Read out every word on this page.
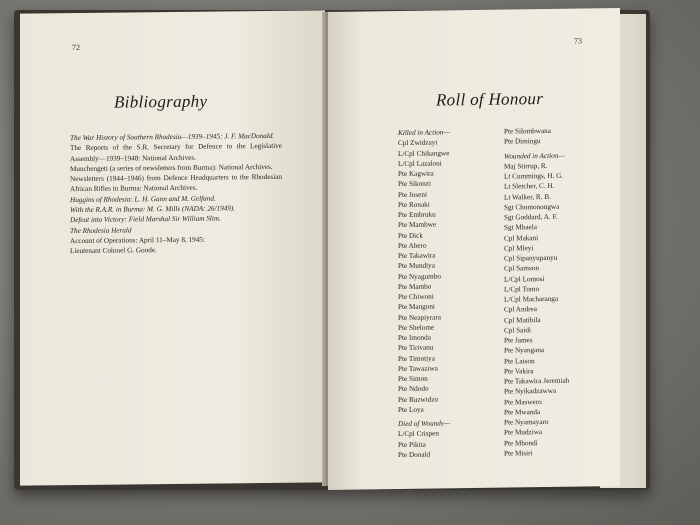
72
Bibliography

The War History of Southern Rhodesia—1939–1945: J. F. MacDonald.

The Reports of the S.R. Secretary for Defence to the Legislative Assembly—1939–1948: National Archives.

Munchengeti (a series of newsletters from Burma): National Archives.

Newsletters (1944–1946) from Defence Headquarters to the Rhodesian African Rifles in Burma: National Archives.

Huggins of Rhodesia: L. H. Gann and M. Gelfand.

With the R.A.R. in Burma: M. G. Mills (NADA: 26/1949).

Defeat into Victory: Field Marshal Sir William Slim.

The Rhodesia Herald

Account of Operations: April 11–May 8, 1945:

Lieutenant Colonel G. Goode.

73
Roll of Honour
Killed in Action—
Cpl Zwidzayi
L/Cpl Chikangwe
L/Cpl Lazaloui
Pte Kagwira
Pte Sikonzi
Pte Joseni
Pte Ronaki
Pte Embruku
Pte Mambwe
Pte Dick
Pte Abero
Pte Takawira
Pte Mundiya
Pte Nyagumbo
Pte Mambo
Pte Chiwoni
Pte Mangoni
Pte Neapiyrara
Pte Shelome
Pte Imonda
Pte Tirivanu
Pte Timotiya
Pte Tawaziwa
Pte Simon
Pte Ndodo
Pte Ruzwidzo
Pte Loya
Died of Wounds—
L/Cpl Crispen
Pte Pikita
Pte Donald
Pte Silombwana
Pte Dimingu
Wounded in Action—
Maj Stirrup, R.
Lt Cummings, H. G.
Lt Sletcher, C. H.
Lt Walker, R. B.
Sgt Chomonongwa
Sgt Goddard, A. F.
Sgt Mbaela
Cpl Makani
Cpl Mleyi
Cpl Sipanyupanyu
Cpl Samson
L/Cpl Lomosi
L/Cpl Tomo
L/Cpl Macharanga
Cpl Andrea
Cpl Matibila
Cpl Saidi
Pte James
Pte Nyangana
Pte Laison
Pte Vakira
Pte Takawira Jeremiah
Pte Nyikadzawwa
Pte Maswero
Pte Mwanda
Pte Nyamayaro
Pte Mudziwa
Pte Mbondi
Pte Misiri
